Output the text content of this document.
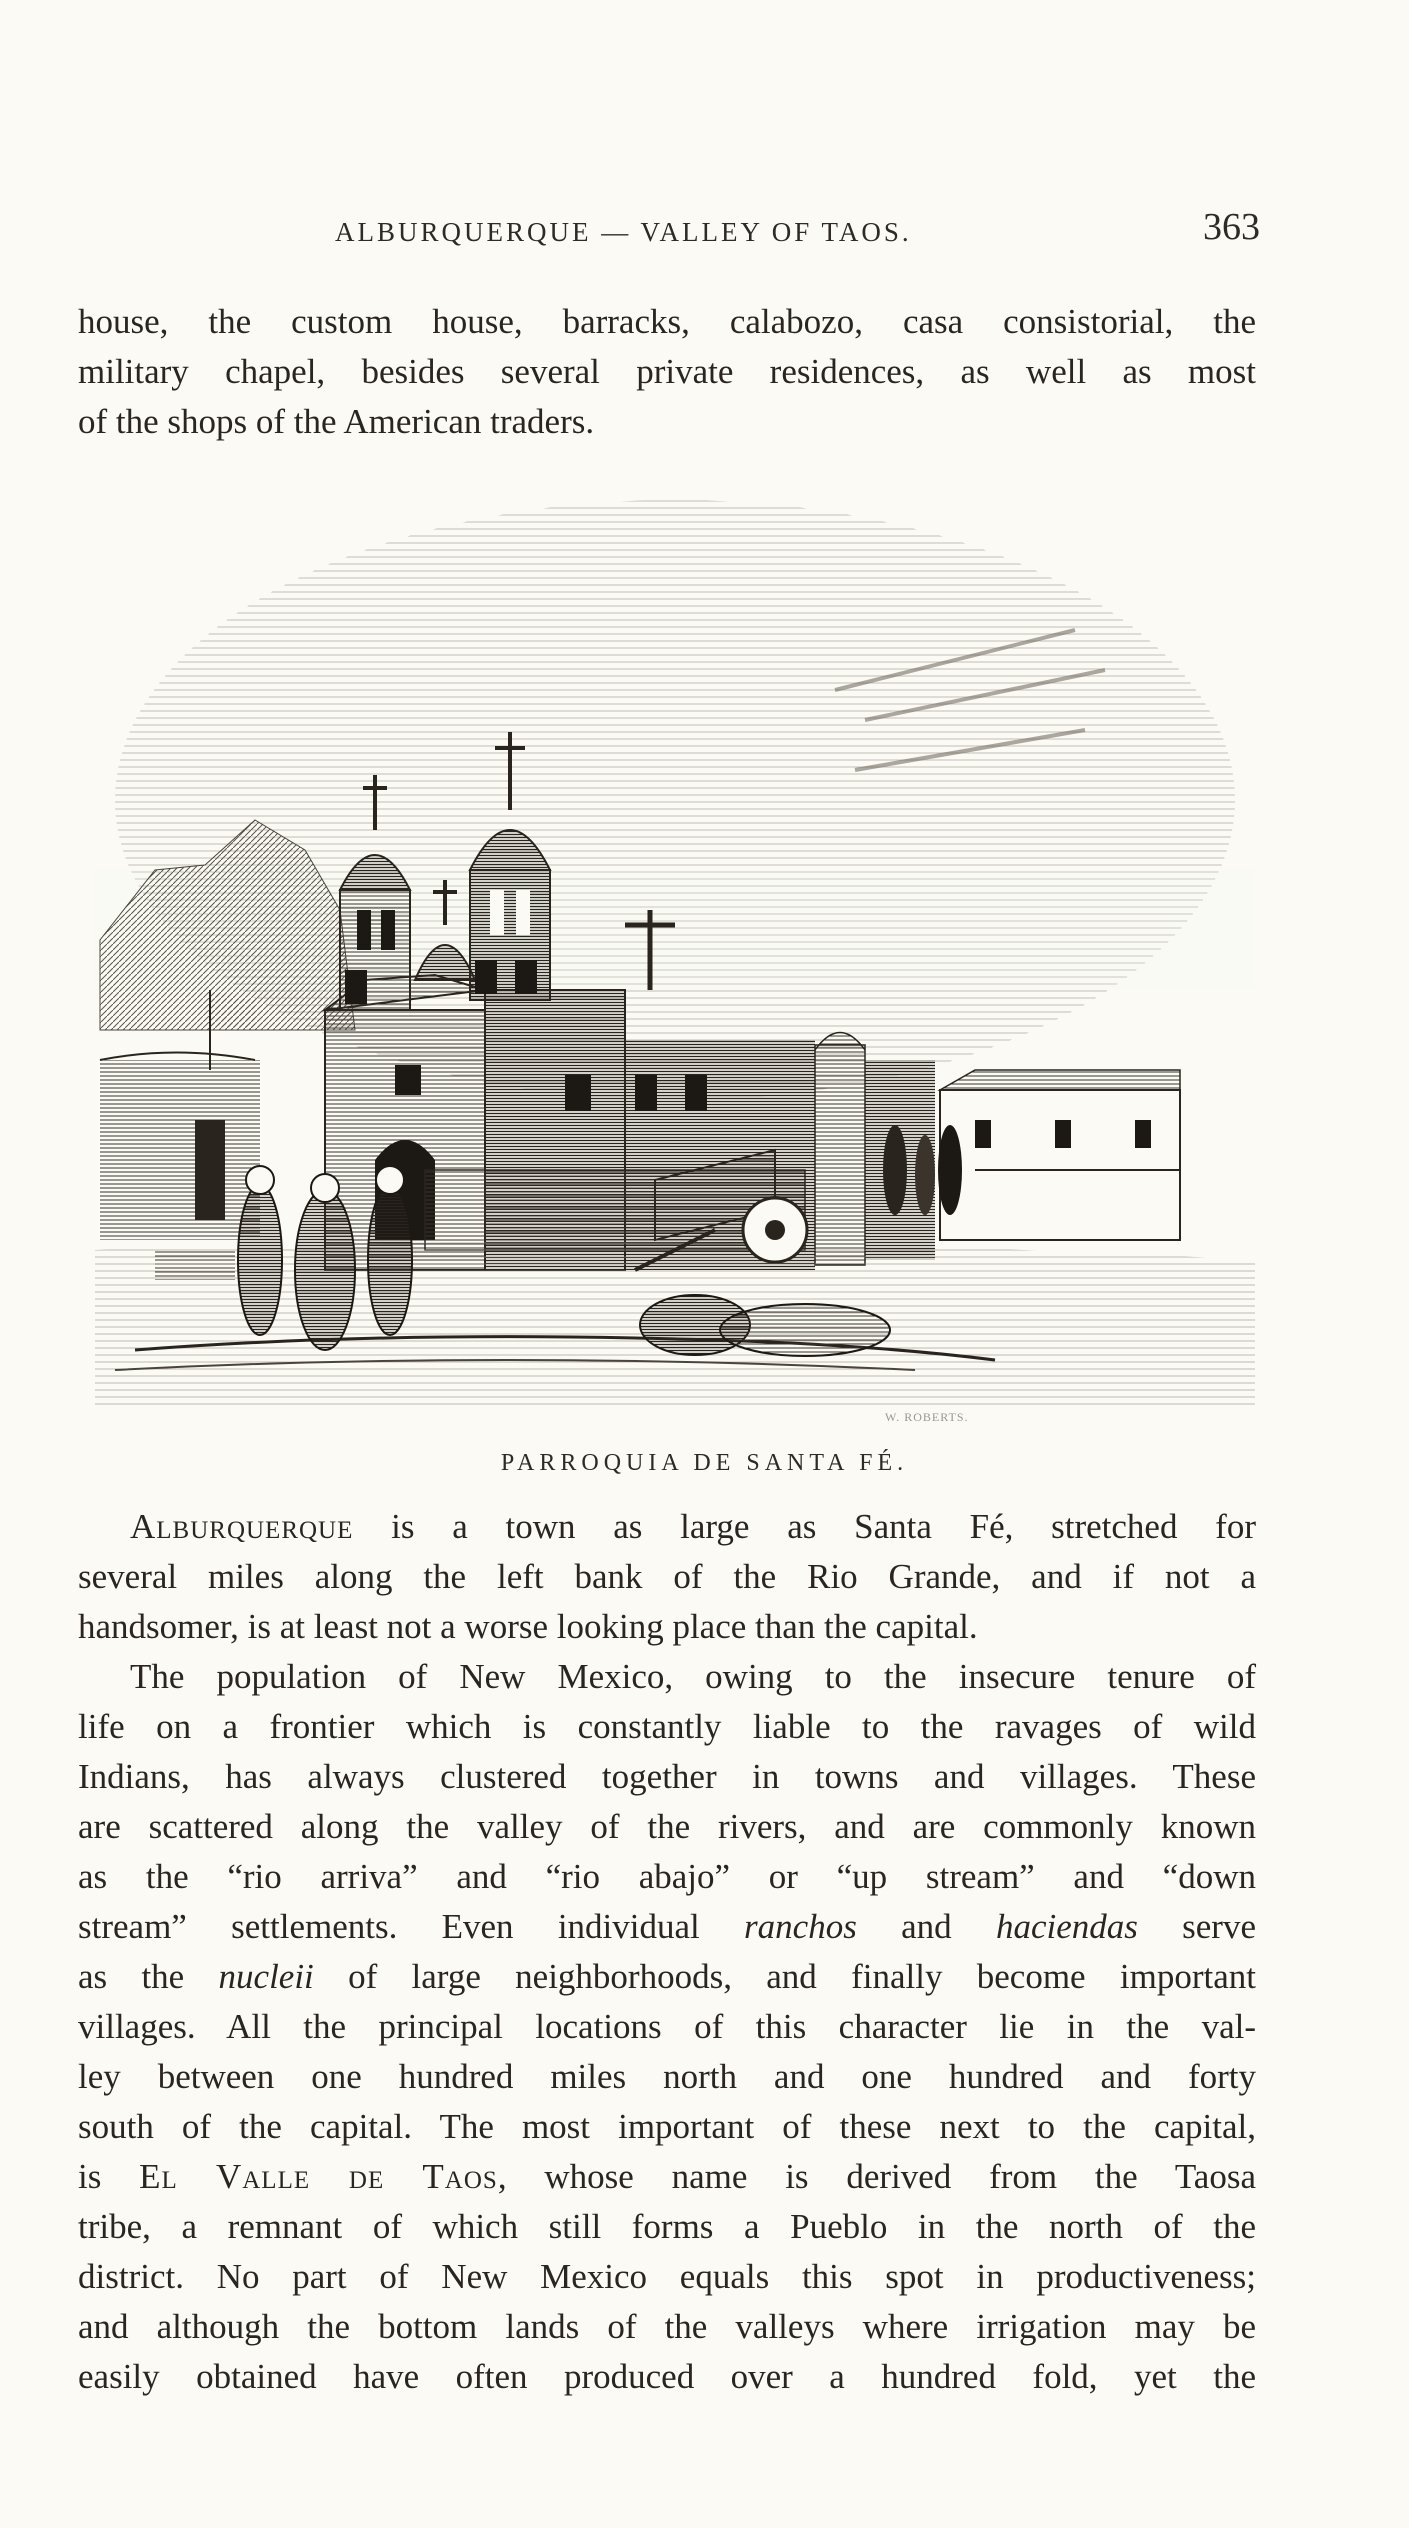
ALBURQUERQUE — VALLEY OF TAOS.	363
house, the custom house, barracks, calabozo, casa consistorial, the
military chapel, besides several private residences, as well as most
of the shops of the American traders.
W. ROBERTS.
PARROQUIA DE SANTA FÉ.
Alburquerque is a town as large as Santa Fé, stretched for
several miles along the left bank of the Rio Grande, and if not a
handsomer, is at least not a worse looking place than the capital.
The population of New Mexico, owing to the insecure tenure of
life on a frontier which is constantly liable to the ravages of wild
Indians, has always clustered together in towns and villages. These
are scattered along the valley of the rivers, and are commonly known
as the “rio arriva” and “rio abajo” or “up stream” and “down
stream” settlements. Even individual ranchos and haciendas serve
as the nucleii of large neighborhoods, and finally become important
villages. All the principal locations of this character lie in the val-
ley between one hundred miles north and one hundred and forty
south of the capital. The most important of these next to the capital,
is El Valle de Taos, whose name is derived from the Taosa
tribe, a remnant of which still forms a Pueblo in the north of the
district. No part of New Mexico equals this spot in productiveness;
and although the bottom lands of the valleys where irrigation may be
easily obtained have often produced over a hundred fold, yet the
